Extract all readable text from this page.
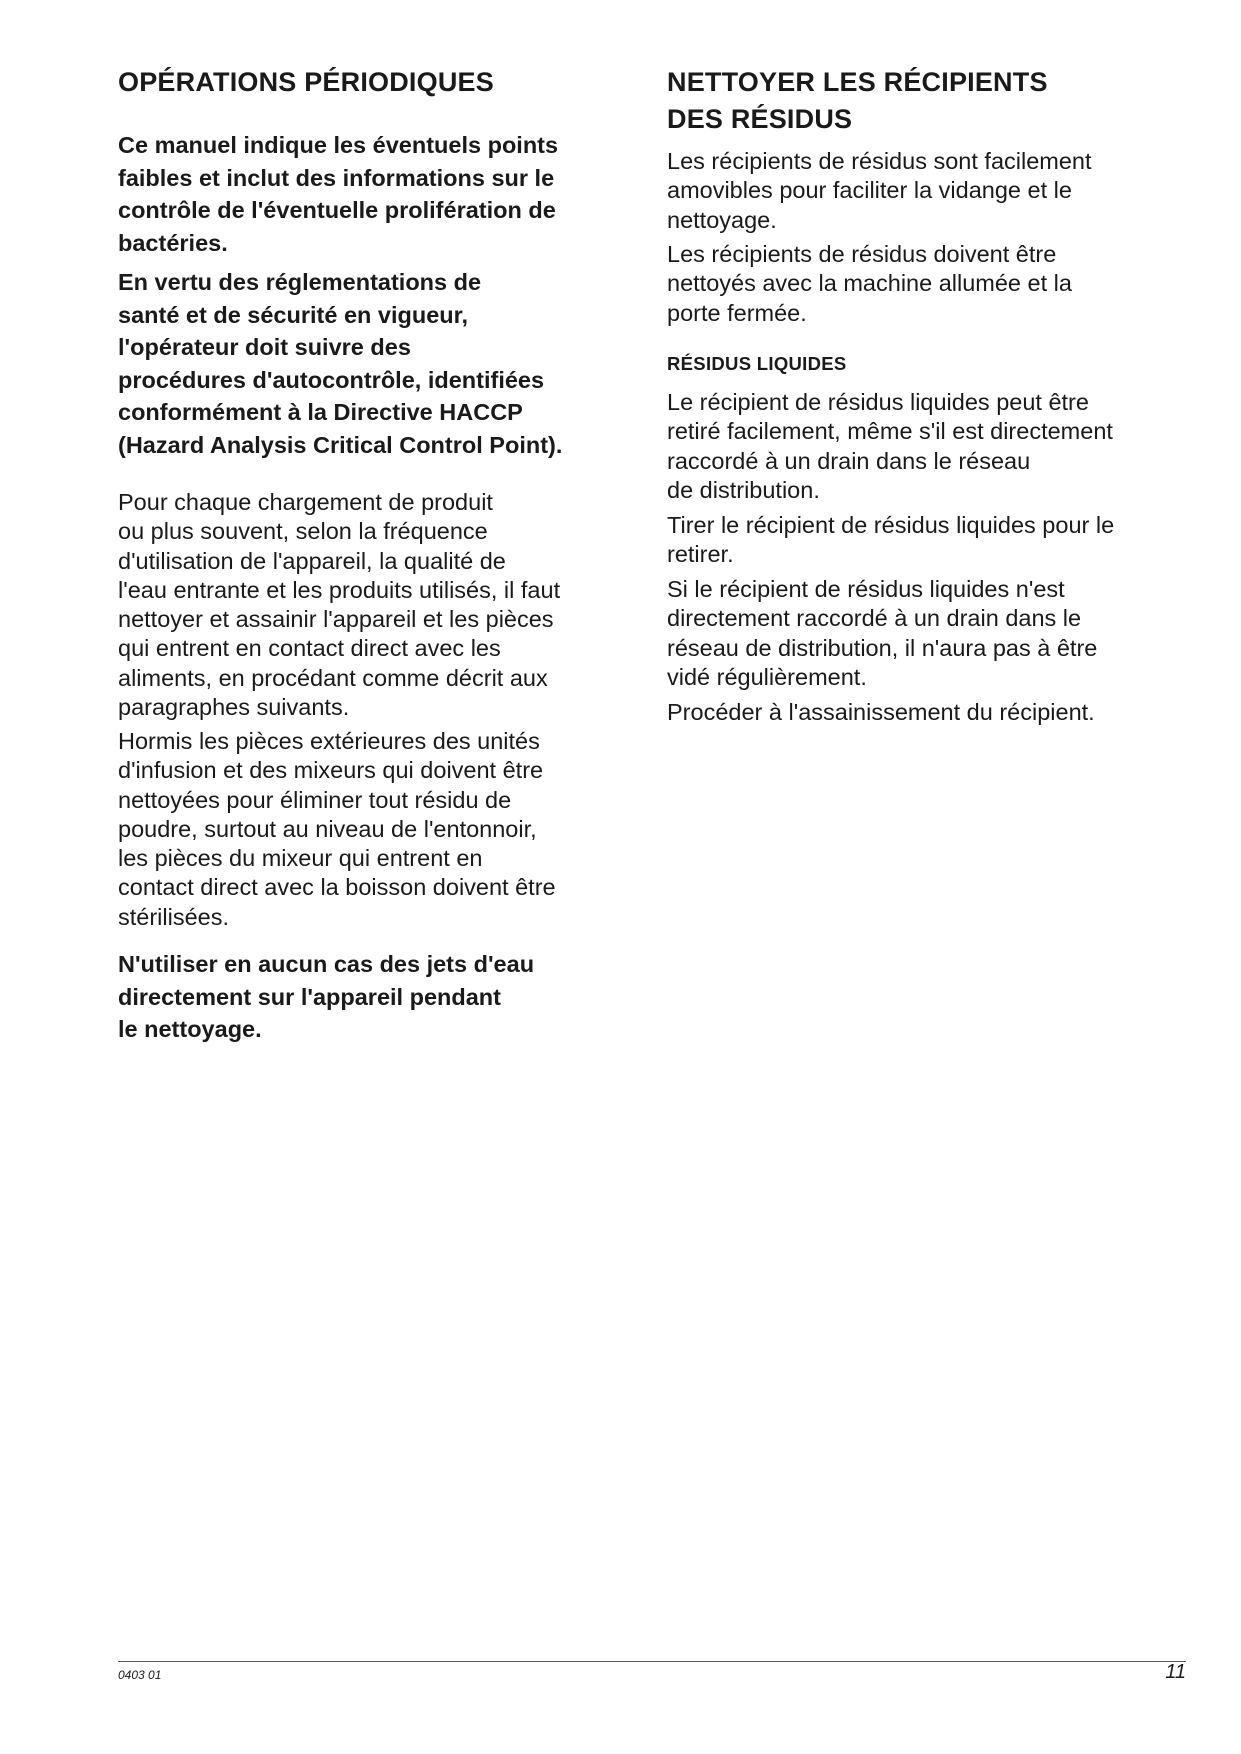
OPÉRATIONS PÉRIODIQUES

Ce manuel indique les éventuels points
faibles et inclut des informations sur le
contrôle de l'éventuelle prolifération de
bactéries.

En vertu des réglementations de
santé et de sécurité en vigueur,
l'opérateur doit suivre des
procédures d'autocontrôle, identifiées
conformément à la Directive HACCP
(Hazard Analysis Critical Control Point).

Pour chaque chargement de produit
ou plus souvent, selon la fréquence
d'utilisation de l'appareil, la qualité de
l'eau entrante et les produits utilisés, il faut
nettoyer et assainir l'appareil et les pièces
qui entrent en contact direct avec les
aliments, en procédant comme décrit aux
paragraphes suivants.

Hormis les pièces extérieures des unités
d'infusion et des mixeurs qui doivent être
nettoyées pour éliminer tout résidu de
poudre, surtout au niveau de l'entonnoir,
les pièces du mixeur qui entrent en
contact direct avec la boisson doivent être
stérilisées.

N'utiliser en aucun cas des jets d'eau
directement sur l'appareil pendant
le nettoyage.

NETTOYER LES RÉCIPIENTS
DES RÉSIDUS

Les récipients de résidus sont facilement
amovibles pour faciliter la vidange et le
nettoyage.

Les récipients de résidus doivent être
nettoyés avec la machine allumée et la
porte fermée.

RÉSIDUS LIQUIDES

Le récipient de résidus liquides peut être
retiré facilement, même s'il est directement
raccordé à un drain dans le réseau
de distribution.

Tirer le récipient de résidus liquides pour le
retirer.

Si le récipient de résidus liquides n'est
directement raccordé à un drain dans le
réseau de distribution, il n'aura pas à être
vidé régulièrement.

Procéder à l'assainissement du récipient.

0403 01	11
